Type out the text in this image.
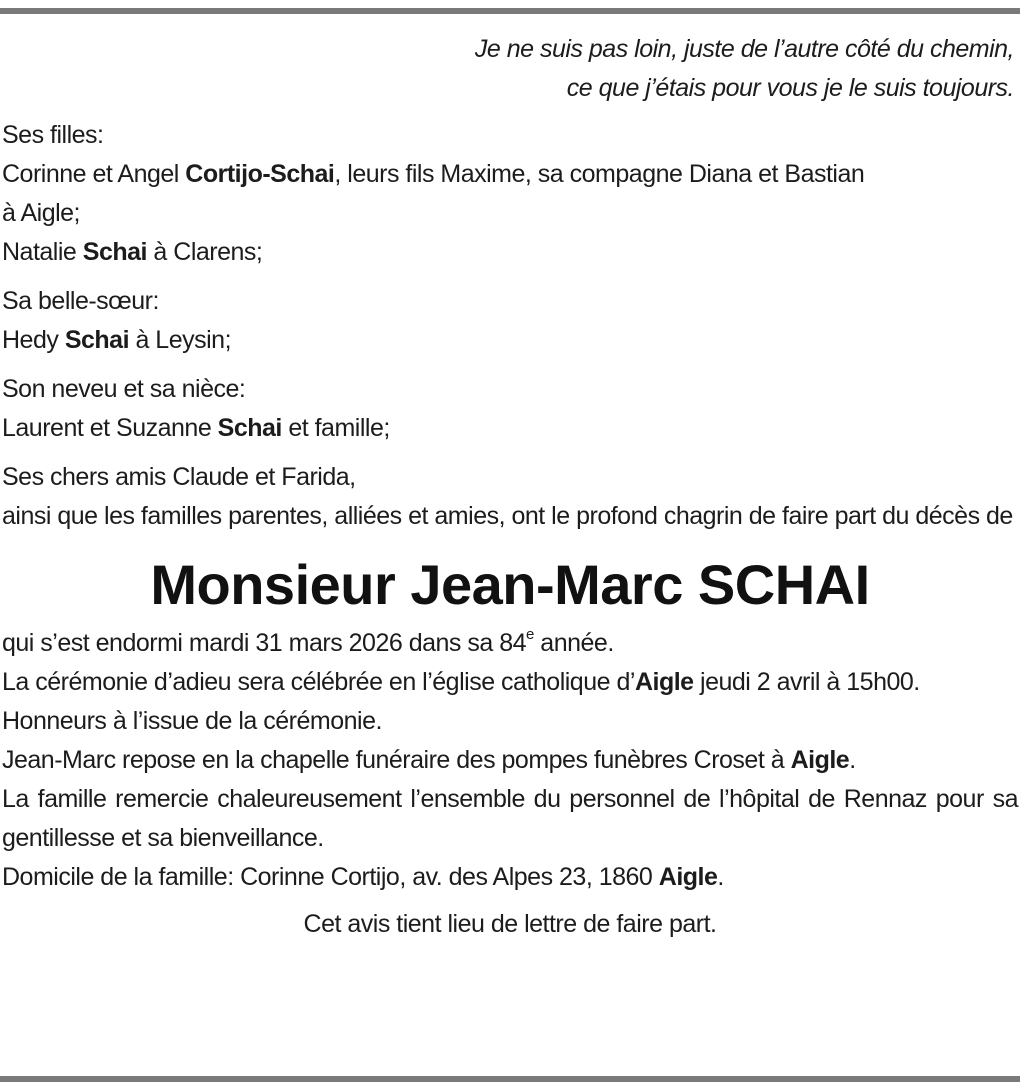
Je ne suis pas loin, juste de l’autre côté du chemin,
ce que j’étais pour vous je le suis toujours.
Ses filles:
Corinne et Angel Cortijo-Schai, leurs fils Maxime, sa compagne Diana et Bastian
à Aigle;
Natalie Schai à Clarens;
Sa belle-sœur:
Hedy Schai à Leysin;
Son neveu et sa nièce:
Laurent et Suzanne Schai et famille;
Ses chers amis Claude et Farida,
ainsi que les familles parentes, alliées et amies, ont le profond chagrin de faire part du décès de
Monsieur Jean-Marc SCHAI
qui s’est endormi mardi 31 mars 2026 dans sa 84e année.
La cérémonie d’adieu sera célébrée en l’église catholique d’Aigle jeudi 2 avril à 15h00.
Honneurs à l’issue de la cérémonie.
Jean-Marc repose en la chapelle funéraire des pompes funèbres Croset à Aigle.
La famille remercie chaleureusement l’ensemble du personnel de l’hôpital de Rennaz pour sa gentillesse et sa bienveillance.
Domicile de la famille: Corinne Cortijo, av. des Alpes 23, 1860 Aigle.
Cet avis tient lieu de lettre de faire part.
